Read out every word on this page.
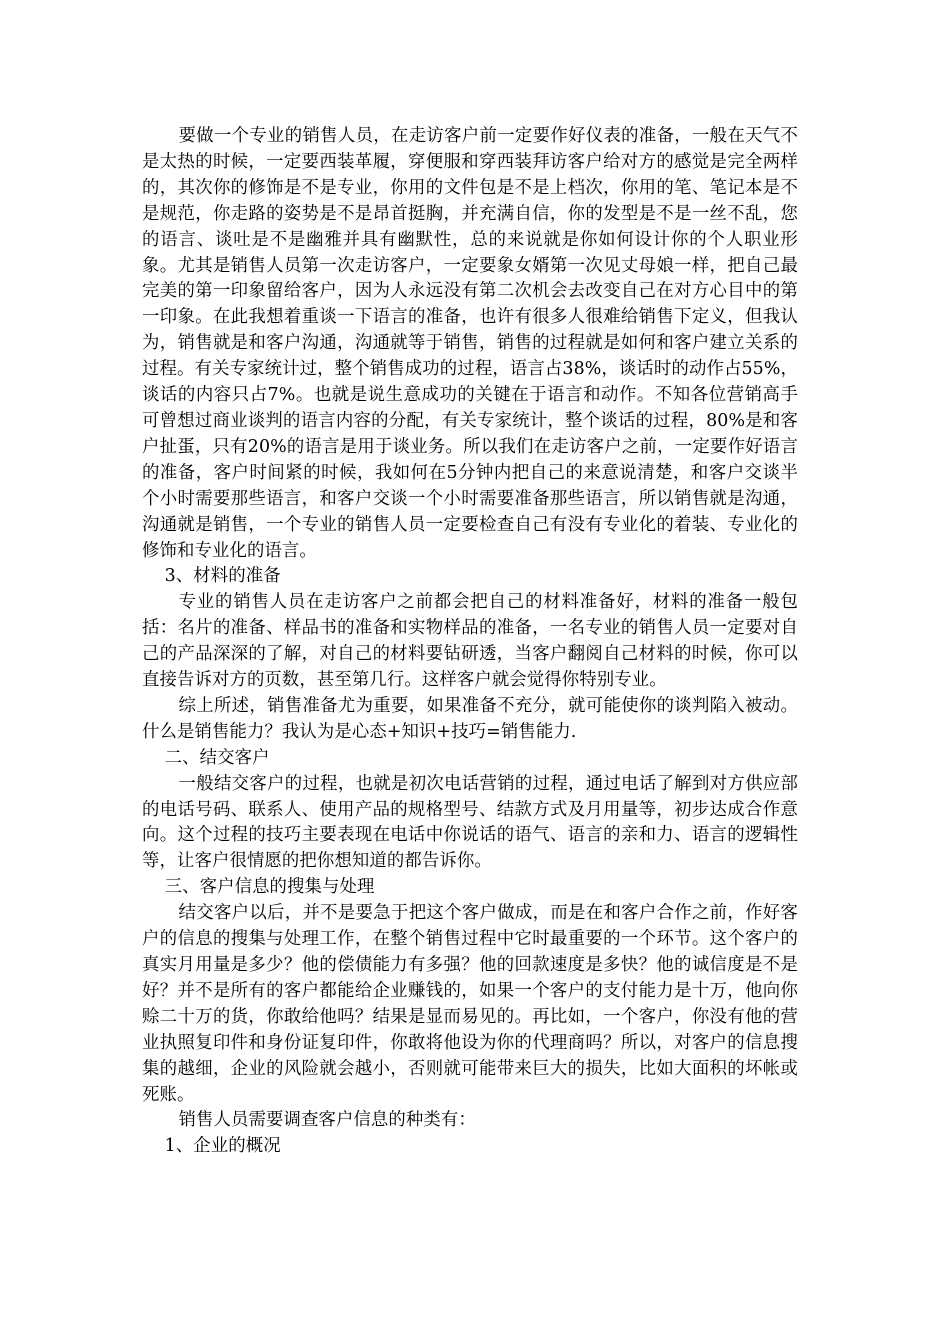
要做一个专业的销售人员，在走访客户前一定要作好仪表的准备，一般在天气不是太热的时候，一定要西装革履，穿便服和穿西装拜访客户给对方的感觉是完全两样的，其次你的修饰是不是专业，你用的文件包是不是上档次，你用的笔、笔记本是不是规范，你走路的姿势是不是昂首挺胸，并充满自信，你的发型是不是一丝不乱，您的语言、谈吐是不是幽雅并具有幽默性，总的来说就是你如何设计你的个人职业形象。尤其是销售人员第一次走访客户，一定要象女婿第一次见丈母娘一样，把自己最完美的第一印象留给客户，因为人永远没有第二次机会去改变自己在对方心目中的第一印象。在此我想着重谈一下语言的准备，也许有很多人很难给销售下定义，但我认为，销售就是和客户沟通，沟通就等于销售，销售的过程就是如何和客户建立关系的过程。有关专家统计过，整个销售成功的过程，语言占38%，谈话时的动作占55%，谈话的内容只占7%。也就是说生意成功的关键在于语言和动作。不知各位营销高手可曾想过商业谈判的语言内容的分配，有关专家统计，整个谈话的过程，80%是和客户扯蛋，只有20%的语言是用于谈业务。所以我们在走访客户之前，一定要作好语言的准备，客户时间紧的时候，我如何在5分钟内把自己的来意说清楚，和客户交谈半个小时需要那些语言，和客户交谈一个小时需要准备那些语言，所以销售就是沟通，沟通就是销售，一个专业的销售人员一定要检查自己有没有专业化的着装、专业化的修饰和专业化的语言。

3、材料的准备

专业的销售人员在走访客户之前都会把自己的材料准备好，材料的准备一般包括：名片的准备、样品书的准备和实物样品的准备，一名专业的销售人员一定要对自己的产品深深的了解，对自己的材料要钻研透，当客户翻阅自己材料的时候，你可以直接告诉对方的页数，甚至第几行。这样客户就会觉得你特别专业。

综上所述，销售准备尤为重要，如果准备不充分，就可能使你的谈判陷入被动。什么是销售能力？我认为是心态+知识+技巧=销售能力.

二、结交客户

一般结交客户的过程，也就是初次电话营销的过程，通过电话了解到对方供应部的电话号码、联系人、使用产品的规格型号、结款方式及月用量等，初步达成合作意向。这个过程的技巧主要表现在电话中你说话的语气、语言的亲和力、语言的逻辑性等，让客户很情愿的把你想知道的都告诉你。

三、客户信息的搜集与处理

结交客户以后，并不是要急于把这个客户做成，而是在和客户合作之前，作好客户的信息的搜集与处理工作，在整个销售过程中它时最重要的一个环节。这个客户的真实月用量是多少？他的偿债能力有多强？他的回款速度是多快？他的诚信度是不是好？并不是所有的客户都能给企业赚钱的，如果一个客户的支付能力是十万，他向你赊二十万的货，你敢给他吗？结果是显而易见的。再比如，一个客户，你没有他的营业执照复印件和身份证复印件，你敢将他设为你的代理商吗？所以，对客户的信息搜集的越细，企业的风险就会越小，否则就可能带来巨大的损失，比如大面积的坏帐或死账。

销售人员需要调查客户信息的种类有：

1、企业的概况
